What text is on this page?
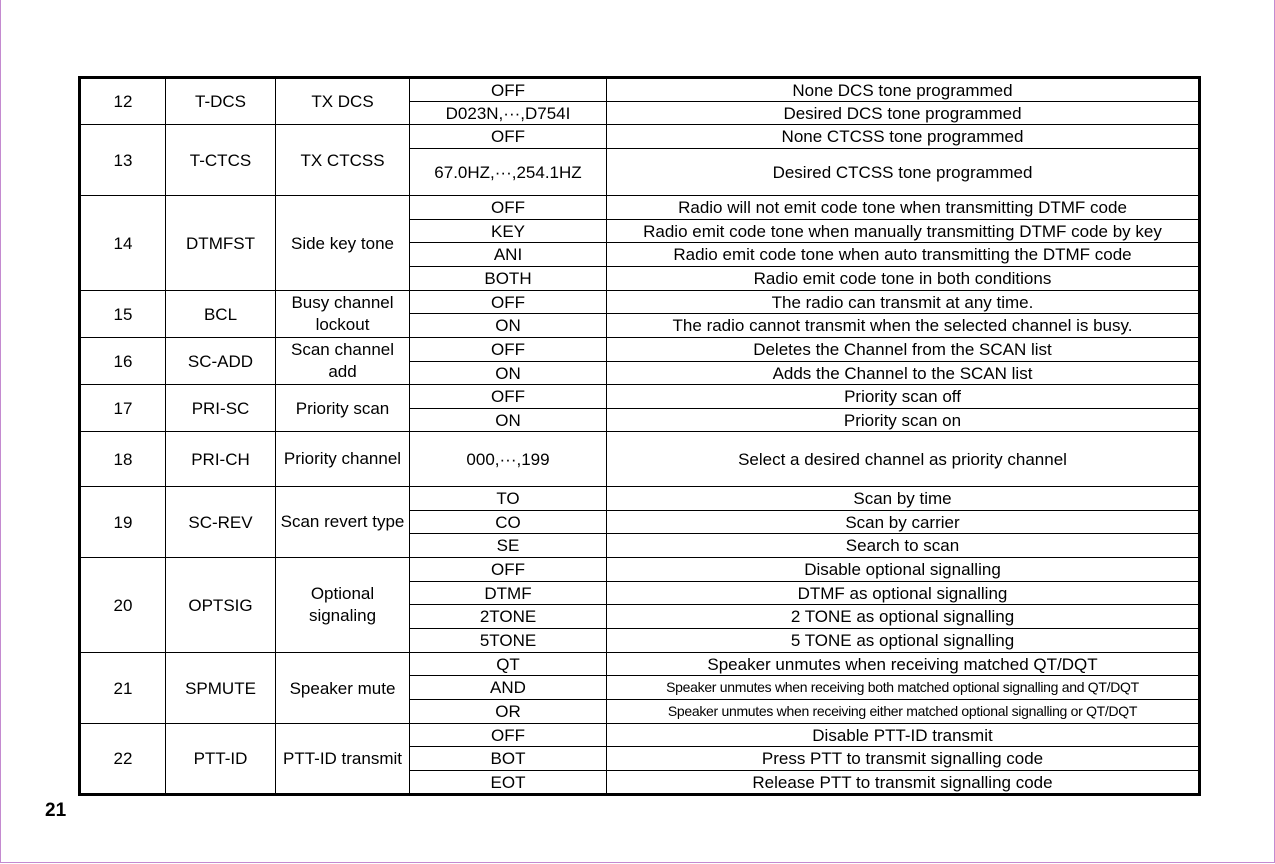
12	T-DCS	TX DCS	OFF	None DCS tone programmed
			D023N,···,D754I	Desired DCS tone programmed
13	T-CTCS	TX CTCSS	OFF	None CTCSS tone programmed
			67.0HZ,···,254.1HZ	Desired CTCSS tone programmed
14	DTMFST	Side key tone	OFF	Radio will not emit code tone when transmitting DTMF code
			KEY	Radio emit code tone when manually transmitting DTMF code by key
			ANI	Radio emit code tone when auto transmitting the DTMF code
			BOTH	Radio emit code tone in both conditions
15	BCL	Busy channel lockout	OFF	The radio can transmit at any time.
			ON	The radio cannot transmit when the selected channel is busy.
16	SC-ADD	Scan channel add	OFF	Deletes the Channel from the SCAN list
			ON	Adds the Channel to the SCAN list
17	PRI-SC	Priority scan	OFF	Priority scan off
			ON	Priority scan on
18	PRI-CH	Priority channel	000,···,199	Select a desired channel as priority channel
19	SC-REV	Scan revert type	TO	Scan by time
			CO	Scan by carrier
			SE	Search to scan
20	OPTSIG	Optional signaling	OFF	Disable optional signalling
			DTMF	DTMF as optional signalling
			2TONE	2 TONE as optional signalling
			5TONE	5 TONE as optional signalling
21	SPMUTE	Speaker mute	QT	Speaker unmutes when receiving matched QT/DQT
			AND	Speaker unmutes when receiving both matched optional signalling and QT/DQT
			OR	Speaker unmutes when receiving either matched optional signalling or QT/DQT
22	PTT-ID	PTT-ID transmit	OFF	Disable PTT-ID transmit
			BOT	Press PTT to transmit signalling code
			EOT	Release PTT to transmit signalling code
21
